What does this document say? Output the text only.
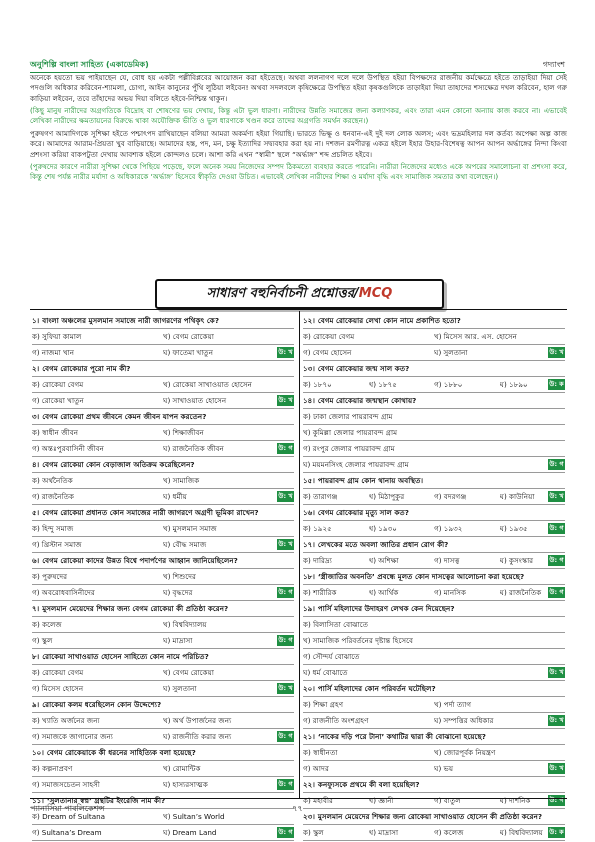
অনুশিল্পি বাংলা সাহিত্য (একাডেমিক)	গদ্যাংশ
অনেকে হয়তো ভয় পাইয়াছেন যে, বোধ হয় একটা পল্লীবিপ্লবের আয়োজন করা হইতেছে। অথবা ললনাগণ দলে দলে উপস্থিত হইয়া বিপক্ষদের রাজনীয় কর্মক্ষেত্রে হইতে তাড়াইয়া দিয়া সেই পদগুলি অধিকার করিবেন-শ্যামলা, চোগা, আইন কানুনের পুঁথি লুঠিয়া লইবেন! অথবা সদলবলে কৃষিক্ষেত্রে উপস্থিত হইয়া কৃষকগুলিকে তাড়াইয়া দিয়া তাহাদের শস্যক্ষেত্র দখল করিবেন, হাল গরু কাড়িয়া লইবেন, তবে তাঁহাদের অভয় দিয়া বলিতে হইবে-নিশ্চিন্ত থাকুন।
(কিছু মানুষ নারীদের অগ্রগতিকে বিদ্রোহ বা শোষণের ভয় দেখায়, কিন্তু এটা ভুল ধারণা। নারীদের উন্নতি সমাজের জন্য কল্যাণকর, এবং তারা এমন কোনো অন্যায় কাজ করবে না। এভাবেই লেখিকা নারীদের ক্ষমতায়নের বিরুদ্ধে থাকা অযৌক্তিক ভীতি ও ভুল ধারণাকে খণ্ডন করে তাদের অগ্রগতি সমর্থন করছেন।)
পুরুষগণ আমাদিগকে সুশিক্ষা হইতে পশ্চাৎপদ রাখিয়াছেন বলিয়া আমরা অকর্মণ্য হইয়া গিয়াছি। ভারতে ভিক্ষু ও ধনবান-এই দুই দল লোক অলস; এবং ভদ্রমহিলার দল কর্তব্য অপেক্ষা অল্প কাজ করে। আমাদের আরাম-প্রিয়তা খুব বাড়িয়াছে। আমাদের হস্ত, পদ, মন, চক্ষু ইত্যাদির সদ্ব্যবহার করা হয় না। দশজন রমণীরত্ন একত্র হইলে ইহার উহার-বিশেষত্ব আপন আপন অর্দ্ধাঙ্গের নিন্দা কিংবা প্রশংসা করিয়া বাকপটুতা দেখায় আবশ্যক হইলে কোন্দলও চলে। আশা করি এখন “স্বামী” স্থলে “অর্দ্ধাঙ্গ” শব্দ প্রচলিত হইবে।
(পুরুষদের কারণে নারীরা সুশিক্ষা থেকে পিছিয়ে পড়েছে, ফলে অনেক সময় নিজেদের সম্পদ ঠিকমতো ব্যবহার করতে পারেনি। নারীরা নিজেদের মধ্যেও একে অপরের সমালোচনা বা প্রশংসা করে, কিন্তু শেষ পর্যন্ত নারীর মর্যাদা ও অধিকারকে ‘অর্দ্ধাঙ্গ’ হিসেবে স্বীকৃতি দেওয়া উচিত। এভাবেই লেখিকা নারীদের শিক্ষা ও মর্যাদা বৃদ্ধি এবং সামাজিক সমতার কথা বলেছেন।)
সাধারণ বহুনির্বাচনী প্রশ্নোত্তর/MCQ
১। বাংলা অঞ্চলের মুসলমান সমাজে নারী জাগরণের পথিকৃৎ কে?
ক) সুফিয়া কামাল	খ) বেগম রোকেয়া
গ) নাজমা খান	ঘ) ফাতেমা খাতুন	উ: খ
২। বেগম রোকেয়ার পুরো নাম কী?
ক) রোকেয়া বেগম	খ) রোকেয়া সাখাওয়াত হোসেন
গ) রোকেয়া খাতুন	ঘ) সাখাওয়াত হোসেন	উ: খ
৩। বেগম রোকেয়া প্রথম জীবনে কেমন জীবন যাপন করতেন?
ক) স্বাধীন জীবন	খ) শিক্ষাজীবন
গ) অন্তঃপুরবাসিনী জীবন	ঘ) রাজনৈতিক জীবন	উ: গ
৪। বেগম রোকেয়া কোন বেড়াজাল অতিক্রম করেছিলেন?
ক) অর্থনৈতিক	খ) সামাজিক
গ) রাজনৈতিক	ঘ) ধর্মীয়	উ: খ
৫। বেগম রোকেয়া প্রধানত কোন সমাজের নারী জাগরণে অগ্রণী ভূমিকা রাখেন?
ক) হিন্দু সমাজ	খ) মুসলমান সমাজ
গ) খ্রিস্টান সমাজ	ঘ) বৌদ্ধ সমাজ	উ: খ
৬। বেগম রোকেয়া কাদের উন্নত বিশ্বে পদার্পণের আহ্বান জানিয়েছিলেন?
ক) পুরুষদের	খ) শিশুদের
গ) অবরোধবাসিনীদের	ঘ) বৃদ্ধদের	উ: গ
৭। মুসলমান মেয়েদের শিক্ষার জন্য বেগম রোকেয়া কী প্রতিষ্ঠা করেন?
ক) কলেজ	খ) বিশ্ববিদ্যালয়
গ) স্কুল	ঘ) মাদ্রাসা	উ: গ
৮। রোকেয়া সাখাওয়াত হোসেন সাহিত্যে কোন নামে পরিচিত?
ক) রোকেয়া বেগম	খ) বেগম রোকেয়া
গ) মিসেস হোসেন	ঘ) সুলতানা	উ: খ
৯। রোকেয়া কলম ধরেছিলেন কোন উদ্দেশ্যে?
ক) খ্যাতি অর্জনের জন্য	খ) অর্থ উপার্জনের জন্য
গ) সমাজকে জাগানোর জন্য	ঘ) রাজনীতি করার জন্য	উ: গ
১০। বেগম রোকেয়াকে কী ধরনের সাহিত্যিক বলা হয়েছে?
ক) কল্পনাপ্রবণ	খ) রোমান্টিক
গ) সমাজসচেতন সাহসী	ঘ) হাস্যরসাত্মক	উ: গ
১১। ‘সুলতানার স্বপ্ন’ গ্রন্থটির ইংরেজি নাম কী?
ক) Dream of Sultana	খ) Sultan’s World
গ) Sultana’s Dream	ঘ) Dream Land	উ: গ
১২। বেগম রোকেয়ার লেখা কোন নামে প্রকাশিত হতো?
ক) রোকেয়া বেগম	খ) মিসেস আর. এস. হোসেন
গ) বেগম হোসেন	ঘ) সুলতানা	উ: খ
১৩। বেগম রোকেয়ার জন্ম সাল কত?
ক) ১৮৭০	খ) ১৮৭৫	গ) ১৮৮০	ঘ) ১৮৯০	উ: ক
১৪। বেগম রোকেয়ার জন্মস্থান কোথায়?
ক) ঢাকা জেলার পায়রাবন্দ গ্রাম
খ) কুমিল্লা জেলার পায়রাবন্দ গ্রাম
গ) রংপুর জেলার পায়রাবন্দ গ্রাম
ঘ) ময়মনসিংহ জেলার পায়রাবন্দ গ্রাম	উ: গ
১৫। পায়রাবন্দ গ্রাম কোন থানায় অবস্থিত।
ক) তারাগঞ্জ	খ) মিঠাপুকুর	গ) বদরগঞ্জ	ঘ) কাউনিয়া	উ: খ
১৬। বেগম রোকেয়ার মৃত্যু সাল কত?
ক) ১৯২৫	খ) ১৯৩০	গ) ১৯৩২	ঘ) ১৯৩৫	উ: গ
১৭। লেখকের মতে অবলা জাতির প্রধান রোগ কী?
ক) দারিদ্র্য	খ) অশিক্ষা	গ) দাসত্ব	ঘ) কুসংস্কার	উ: গ
১৮। ‘স্ত্রীজাতির অবনতি’ প্রবন্ধে মূলত কোন দাসত্বের আলোচনা করা হয়েছে?
ক) শারীরিক	খ) আর্থিক	গ) মানসিক	ঘ) রাজনৈতিক	উ: গ
১৯। পার্সি মহিলাদের উদাহরণ লেখক কেন দিয়েছেন?
ক) বিলাসিতা বোঝাতে
খ) সামাজিক পরিবর্তনের দৃষ্টান্ত হিসেবে
গ) সৌন্দর্য বোঝাতে
ঘ) ধর্ম বোঝাতে	উ: খ
২০। পার্সি মহিলাদের কোন পরিবর্তন ঘটেছিল?
ক) শিক্ষা গ্রহণ	খ) পর্দা ত্যাগ
গ) রাজনীতি অংশগ্রহণ	ঘ) সম্পত্তির অধিকার	উ: খ
২১। ‘নাকের দড়ি পরে টানা’ কথাটির দ্বারা কী বোঝানো হয়েছে?
ক) স্বাধীনতা	খ) জোরপূর্বক নিয়ন্ত্রণ
গ) আদর	ঘ) ভয়	উ: খ
২২। কনফ্যুসকে প্রথমে কী বলা হয়েছিল?
ক) মহাবীর	খ) জ্ঞানী	গ) বাতুল	ঘ) দার্শনিক	উ: গ
২৩। মুসলমান মেয়েদের শিক্ষার জন্য রোকেয়া সাখাওয়াত হোসেন কী প্রতিষ্ঠা করেন?
ক) স্কুল	খ) মাদ্রাসা	গ) কলেজ	ঘ) বিশ্ববিদ্যালয় উ: ক
প্যানাসিয়া পাবলিকেশন্স	৭৭
